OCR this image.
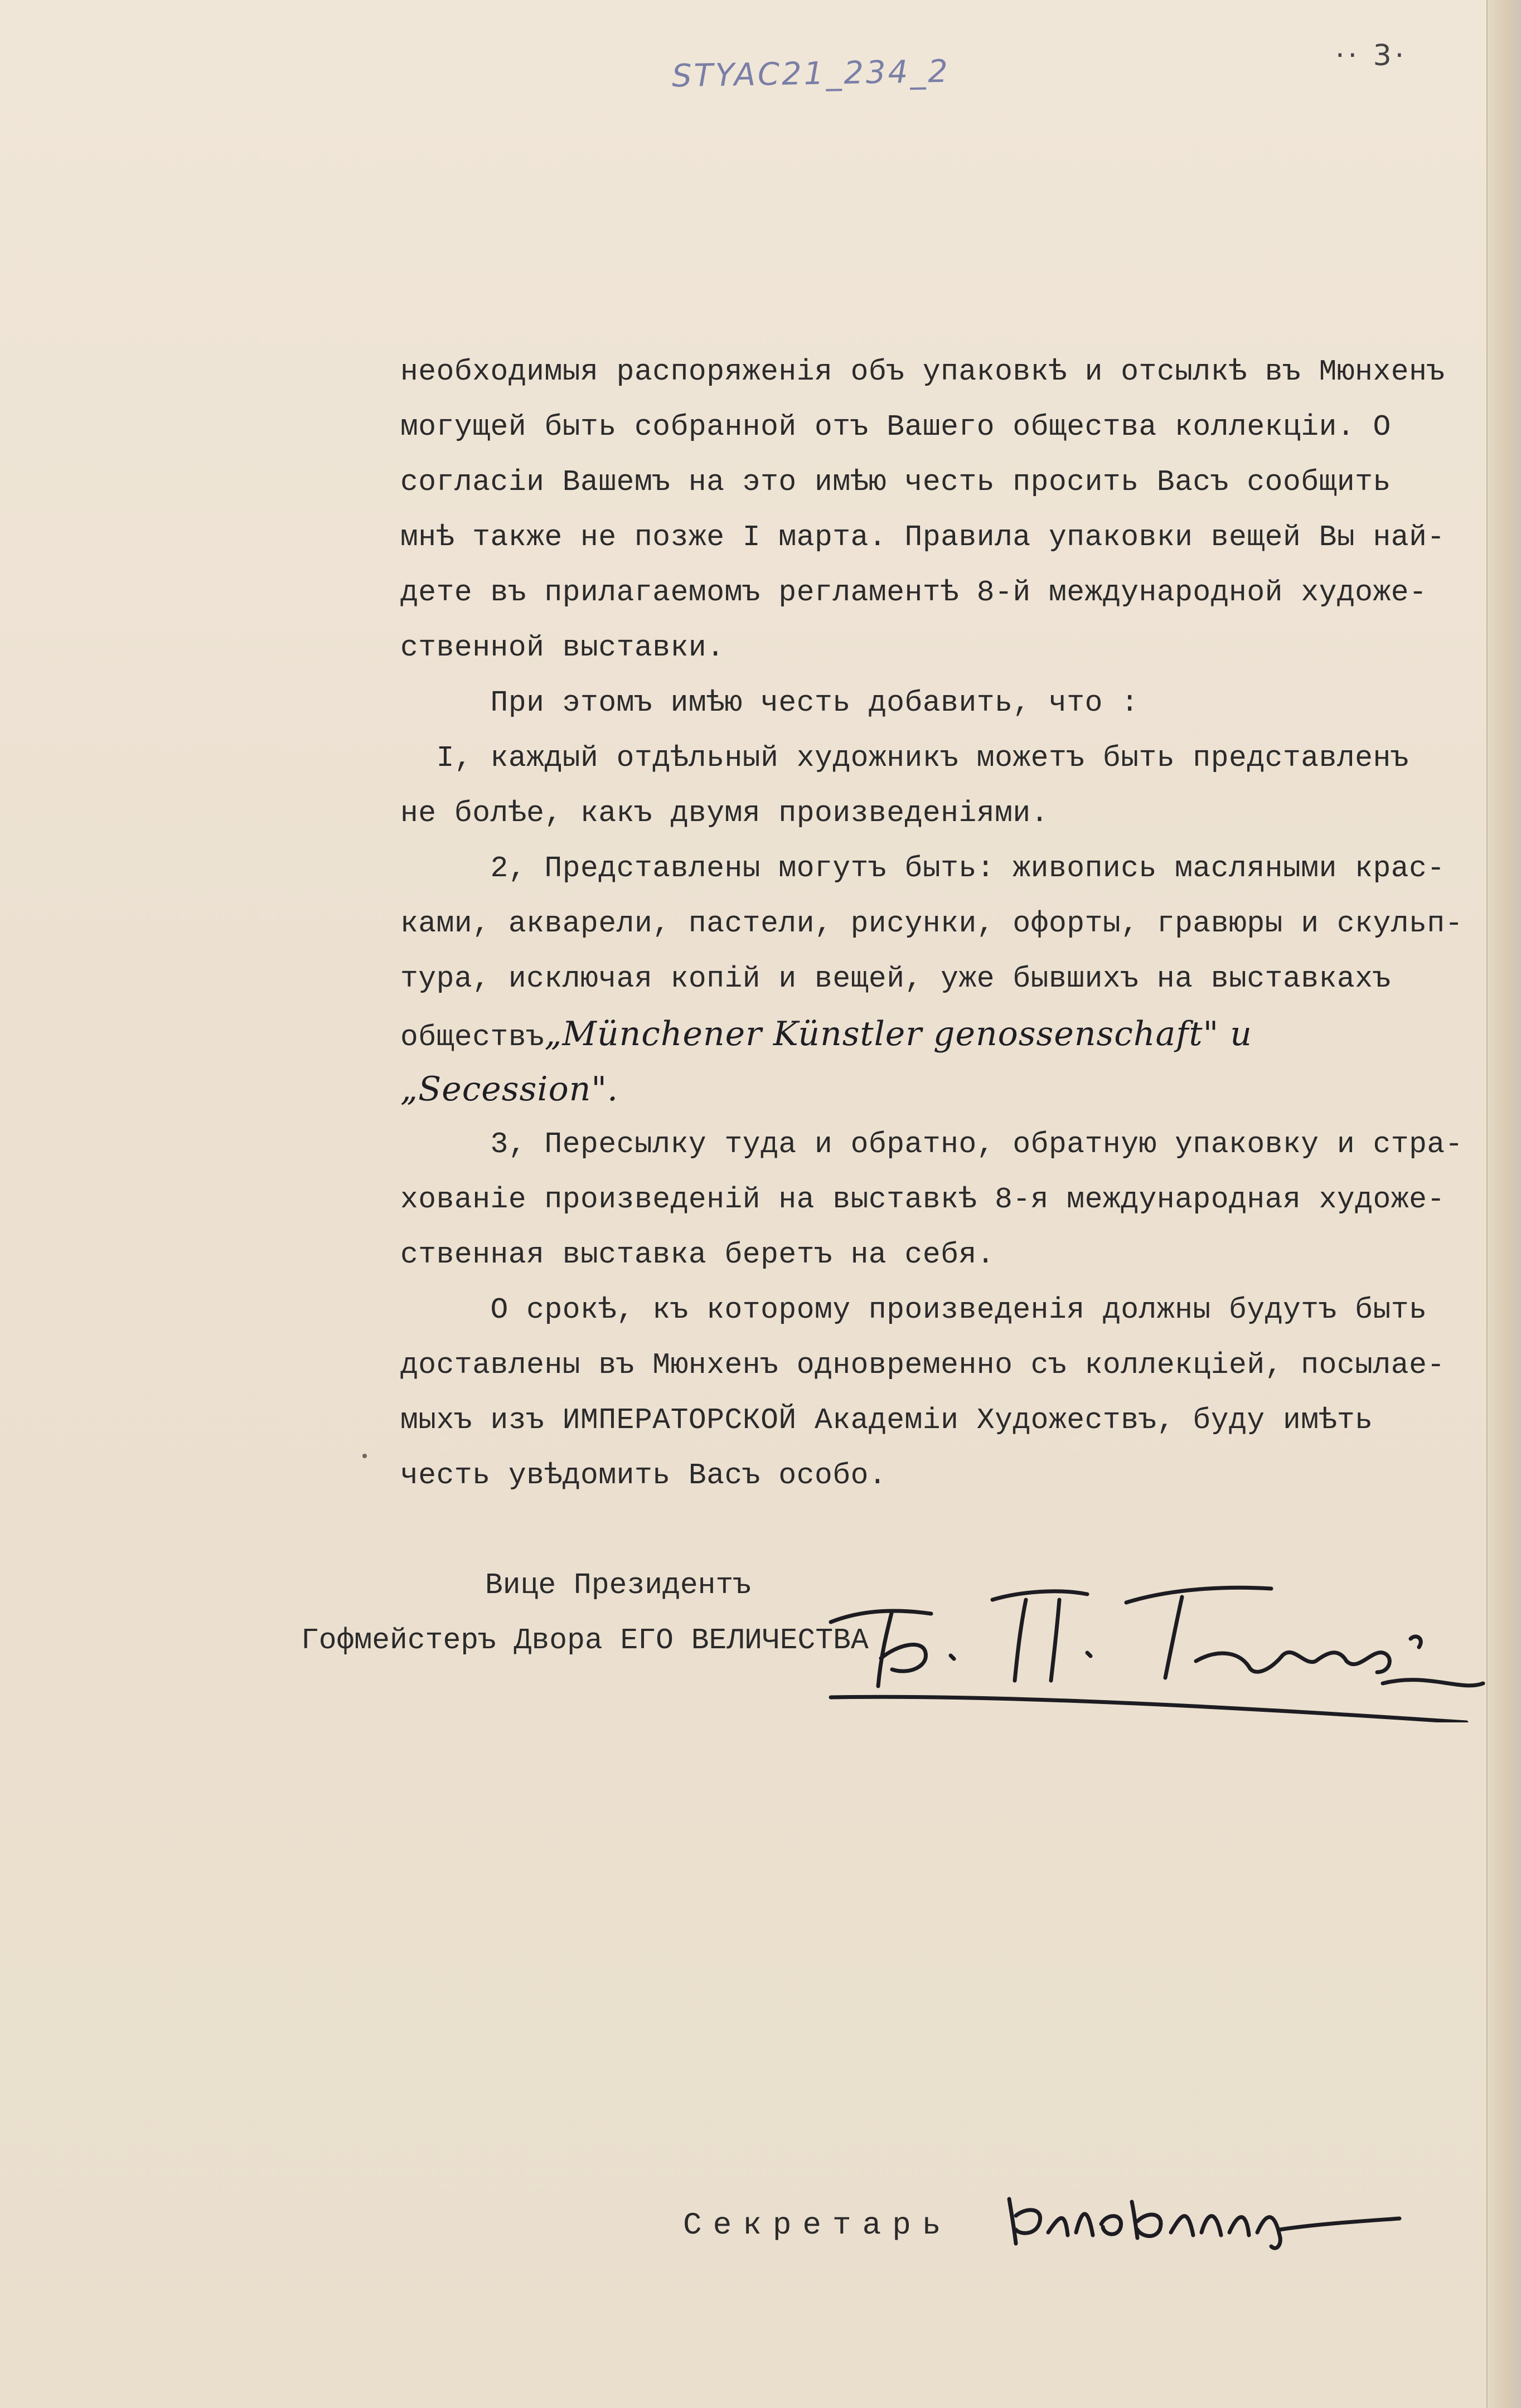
STYAC21_234_2	·· 3·
необходимыя распоряженія объ упаковкѣ и отсылкѣ въ Мюнхенъ
могущей быть собранной отъ Вашего общества коллекціи. О
согласіи Вашемъ на это имѣю честь просить Васъ сообщить
мнѣ также не позже I марта. Правила упаковки вещей Вы най-
дете въ прилагаемомъ регламентѣ 8-й международной художе-
ственной выставки.
При этомъ имѣю честь добавить, что :
I, каждый отдѣльный художникъ можетъ быть представленъ
не болѣе, какъ двумя произведеніями.
2, Представлены могутъ быть: живопись масляными крас-
ками, акварели, пастели, рисунки, офорты, гравюры и скульп-
тура, исключая копій и вещей, уже бывшихъ на выставкахъ
обществъ„Münchener Künstler genossenschaft" и
„Secession".
3, Пересылку туда и обратно, обратную упаковку и стра-
хованіе произведеній на выставкѣ 8-я международная художе-
ственная выставка беретъ на себя.
О срокѣ, къ которому произведенія должны будутъ быть
доставлены въ Мюнхенъ одновременно съ коллекціей, посылае-
мыхъ изъ ИМПЕРАТОРСКОЙ Академіи Художествъ, буду имѣть
честь увѣдомить Васъ особо.
Вице Президентъ
Гофмейстеръ Двора ЕГО ВЕЛИЧЕСТВА
Секретарь
